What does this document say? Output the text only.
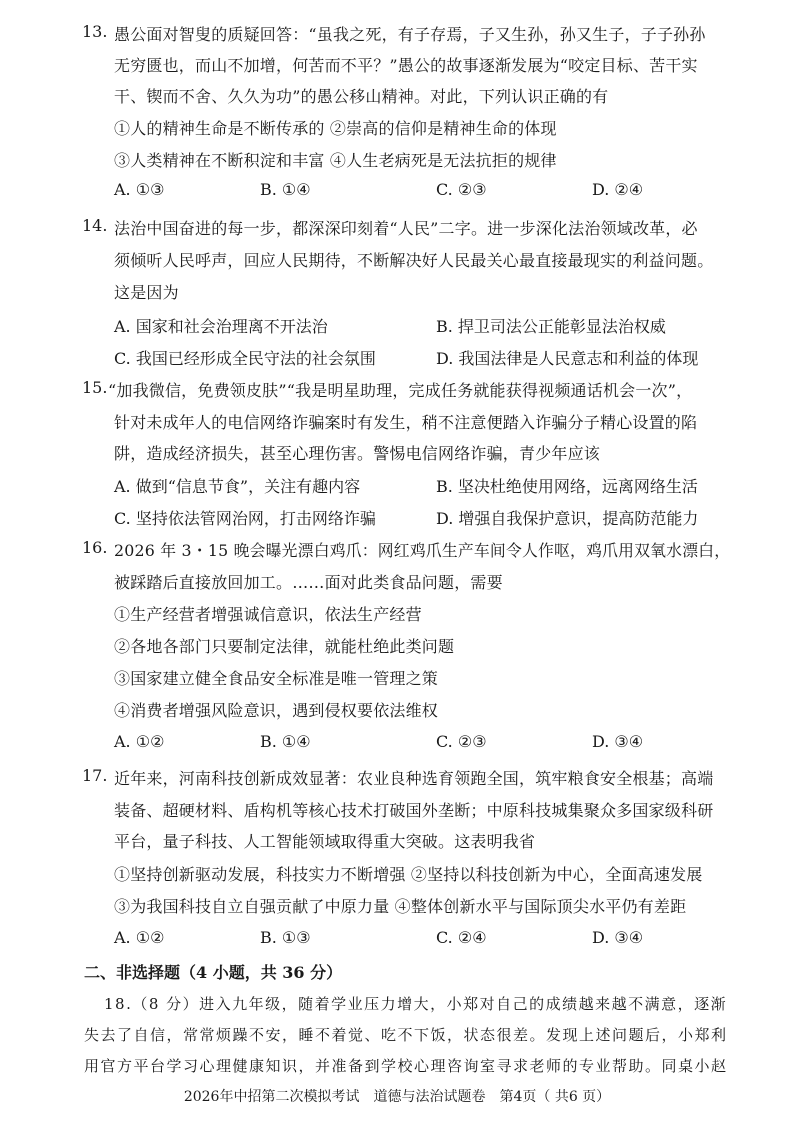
13. 愚公面对智叟的质疑回答：“虽我之死，有子存焉，子又生孙，孙又生子，子子孙孙
无穷匮也，而山不加增，何苦而不平？”愚公的故事逐渐发展为“咬定目标、苦干实
干、锲而不舍、久久为功”的愚公移山精神。对此，下列认识正确的有
①人的精神生命是不断传承的 ②崇高的信仰是精神生命的体现
③人类精神在不断积淀和丰富 ④人生老病死是无法抗拒的规律
A. ①③	B. ①④	C. ②③	D. ②④
14. 法治中国奋进的每一步，都深深印刻着“人民”二字。进一步深化法治领域改革，必
须倾听人民呼声，回应人民期待，不断解决好人民最关心最直接最现实的利益问题。
这是因为
A. 国家和社会治理离不开法治	B. 捍卫司法公正能彰显法治权威
C. 我国已经形成全民守法的社会氛围	D. 我国法律是人民意志和利益的体现
15. “加我微信，免费领皮肤”“我是明星助理，完成任务就能获得视频通话机会一次”，
针对未成年人的电信网络诈骗案时有发生，稍不注意便踏入诈骗分子精心设置的陷
阱，造成经济损失，甚至心理伤害。警惕电信网络诈骗，青少年应该
A. 做到“信息节食”，关注有趣内容	B. 坚决杜绝使用网络，远离网络生活
C. 坚持依法管网治网，打击网络诈骗	D. 增强自我保护意识，提高防范能力
16. 2026 年 3・15 晚会曝光漂白鸡爪：网红鸡爪生产车间令人作呕，鸡爪用双氧水漂白，
被踩踏后直接放回加工。……面对此类食品问题，需要
①生产经营者增强诚信意识，依法生产经营
②各地各部门只要制定法律，就能杜绝此类问题
③国家建立健全食品安全标准是唯一管理之策
④消费者增强风险意识，遇到侵权要依法维权
A. ①②	B. ①④	C. ②③	D. ③④
17. 近年来，河南科技创新成效显著：农业良种选育领跑全国，筑牢粮食安全根基；高端
装备、超硬材料、盾构机等核心技术打破国外垄断；中原科技城集聚众多国家级科研
平台，量子科技、人工智能领域取得重大突破。这表明我省
①坚持创新驱动发展，科技实力不断增强 ②坚持以科技创新为中心，全面高速发展
③为我国科技自立自强贡献了中原力量 ④整体创新水平与国际顶尖水平仍有差距
A. ①②	B. ①③	C. ②④	D. ③④
二、非选择题（4 小题，共 36 分）
18.（8 分）进入九年级，随着学业压力增大，小郑对自己的成绩越来越不满意，逐渐
失去了自信，常常烦躁不安，睡不着觉、吃不下饭，状态很差。发现上述问题后，小郑利
用官方平台学习心理健康知识，并准备到学校心理咨询室寻求老师的专业帮助。同桌小赵
2026年中招第二次模拟考试　道德与法治试题卷　第4页（ 共6 页）
